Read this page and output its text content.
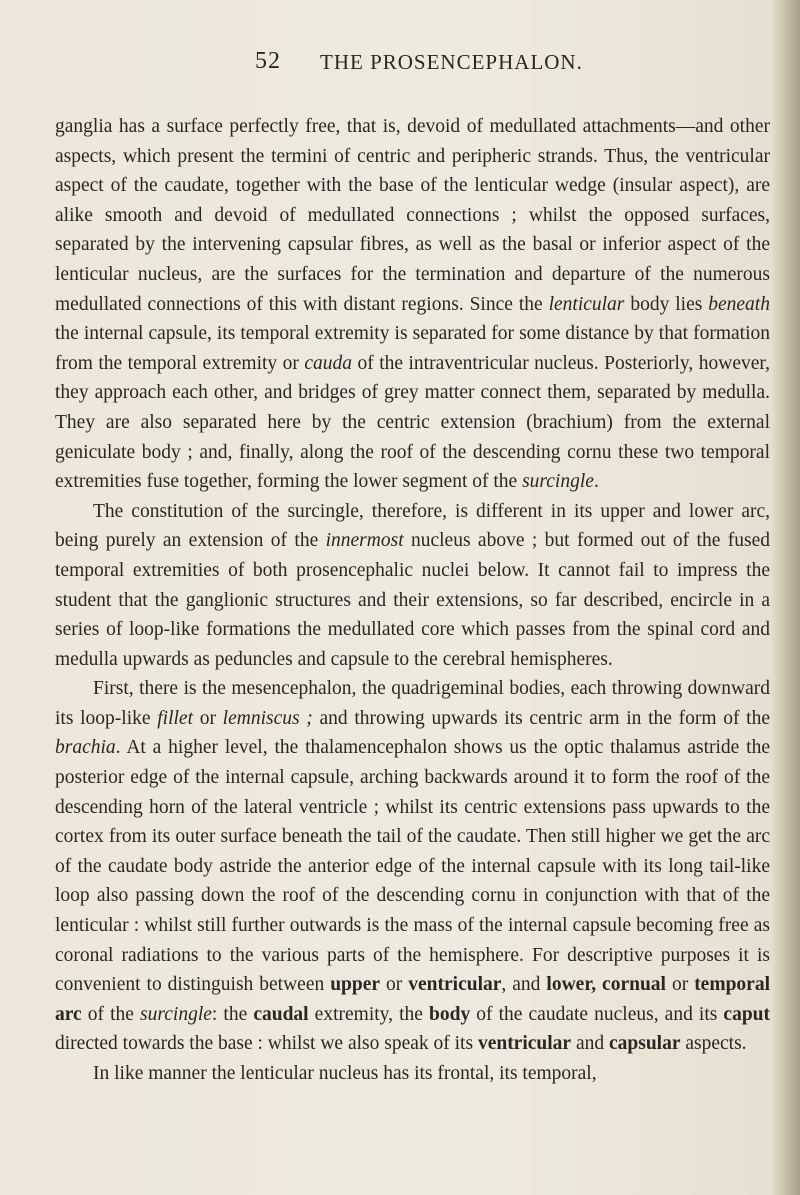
52 THE PROSENCEPHALON.

ganglia has a surface perfectly free, that is, devoid of medullated attachments—and other aspects, which present the termini of centric and peripheric strands. Thus, the ventricular aspect of the caudate, together with the base of the lenticular wedge (insular aspect), are alike smooth and devoid of medullated connections ; whilst the opposed surfaces, separated by the intervening capsular fibres, as well as the basal or inferior aspect of the lenticular nucleus, are the surfaces for the termination and departure of the numerous medullated connections of this with distant regions. Since the lenticular body lies beneath the internal capsule, its temporal extremity is separated for some distance by that formation from the temporal extremity or cauda of the intraventricular nucleus. Posteriorly, however, they approach each other, and bridges of grey matter connect them, separated by medulla. They are also separated here by the centric extension (brachium) from the external geniculate body ; and, finally, along the roof of the descending cornu these two temporal extremities fuse together, forming the lower segment of the surcingle.

The constitution of the surcingle, therefore, is different in its upper and lower arc, being purely an extension of the innermost nucleus above ; but formed out of the fused temporal extremities of both prosencephalic nuclei below. It cannot fail to impress the student that the ganglionic structures and their extensions, so far described, encircle in a series of loop-like formations the medullated core which passes from the spinal cord and medulla upwards as peduncles and capsule to the cerebral hemispheres.

First, there is the mesencephalon, the quadrigeminal bodies, each throwing downward its loop-like fillet or lemniscus ; and throwing upwards its centric arm in the form of the brachia. At a higher level, the thalamencephalon shows us the optic thalamus astride the posterior edge of the internal capsule, arching backwards around it to form the roof of the descending horn of the lateral ventricle ; whilst its centric extensions pass upwards to the cortex from its outer surface beneath the tail of the caudate. Then still higher we get the arc of the caudate body astride the anterior edge of the internal capsule with its long tail-like loop also passing down the roof of the descending cornu in conjunction with that of the lenticular : whilst still further outwards is the mass of the internal capsule becoming free as coronal radiations to the various parts of the hemisphere. For descriptive purposes it is convenient to distinguish between upper or ventricular, and lower, cornual or temporal arc of the surcingle: the caudal extremity, the body of the caudate nucleus, and its caput directed towards the base : whilst we also speak of its ventricular and capsular aspects.

In like manner the lenticular nucleus has its frontal, its temporal,
